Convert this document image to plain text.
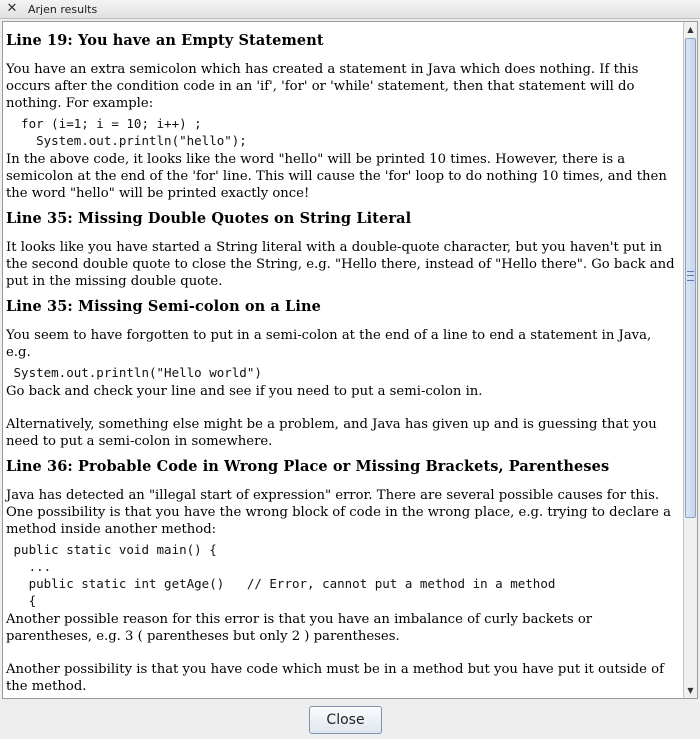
✕ Arjen results
Line 19: You have an Empty Statement

You have an extra semicolon which has created a statement in Java which does nothing. If this occurs after the condition code in an 'if', 'for' or 'while' statement, then that statement will do nothing. For example:

for (i=1; i = 10; i++) ;
System.out.println("hello");

In the above code, it looks like the word "hello" will be printed 10 times. However, there is a semicolon at the end of the 'for' line. This will cause the 'for' loop to do nothing 10 times, and then the word "hello" will be printed exactly once!

Line 35: Missing Double Quotes on String Literal

It looks like you have started a String literal with a double-quote character, but you haven't put in the second double quote to close the String, e.g. "Hello there, instead of "Hello there". Go back and put in the missing double quote.

Line 35: Missing Semi-colon on a Line

You seem to have forgotten to put in a semi-colon at the end of a line to end a statement in Java, e.g.

System.out.println("Hello world")

Go back and check your line and see if you need to put a semi-colon in.

Alternatively, something else might be a problem, and Java has given up and is guessing that you need to put a semi-colon in somewhere.

Line 36: Probable Code in Wrong Place or Missing Brackets, Parentheses

Java has detected an "illegal start of expression" error. There are several possible causes for this. One possibility is that you have the wrong block of code in the wrong place, e.g. trying to declare a method inside another method:

public static void main() {
...
public static int getAge()   // Error, cannot put a method in a method
{

Another possible reason for this error is that you have an imbalance of curly backets or parentheses, e.g. 3 ( parentheses but only 2 ) parentheses.

Another possibility is that you have code which must be in a method but you have put it outside of the method.

▲
▼
Close
